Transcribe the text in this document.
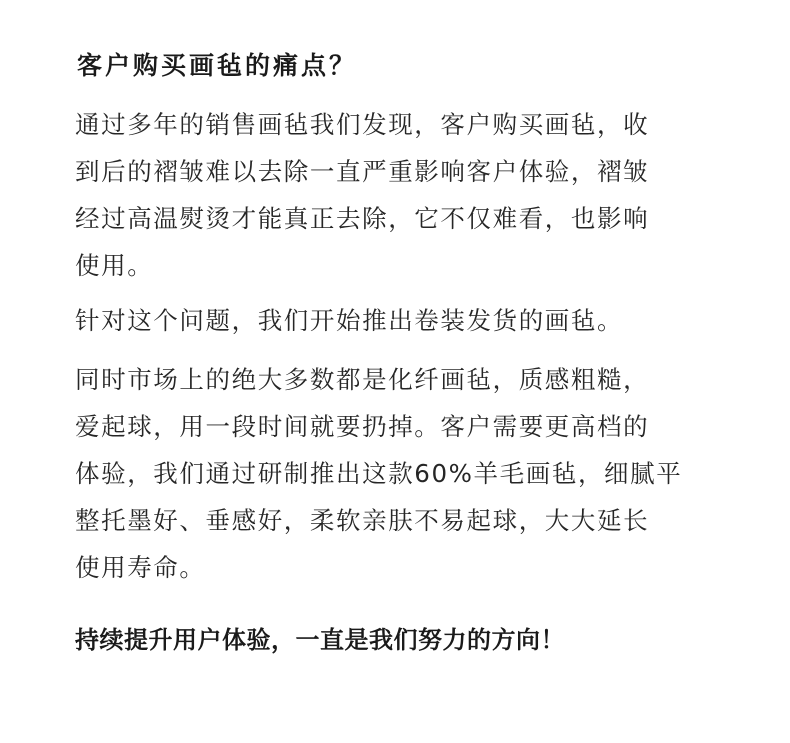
客户购买画毡的痛点？

通过多年的销售画毡我们发现，客户购买画毡，收
到后的褶皱难以去除一直严重影响客户体验，褶皱
经过高温熨烫才能真正去除，它不仅难看，也影响
使用。

针对这个问题，我们开始推出卷装发货的画毡。

同时市场上的绝大多数都是化纤画毡，质感粗糙，
爱起球，用一段时间就要扔掉。客户需要更高档的
体验，我们通过研制推出这款60%羊毛画毡，细腻平
整托墨好、垂感好，柔软亲肤不易起球，大大延长
使用寿命。

持续提升用户体验，一直是我们努力的方向！
